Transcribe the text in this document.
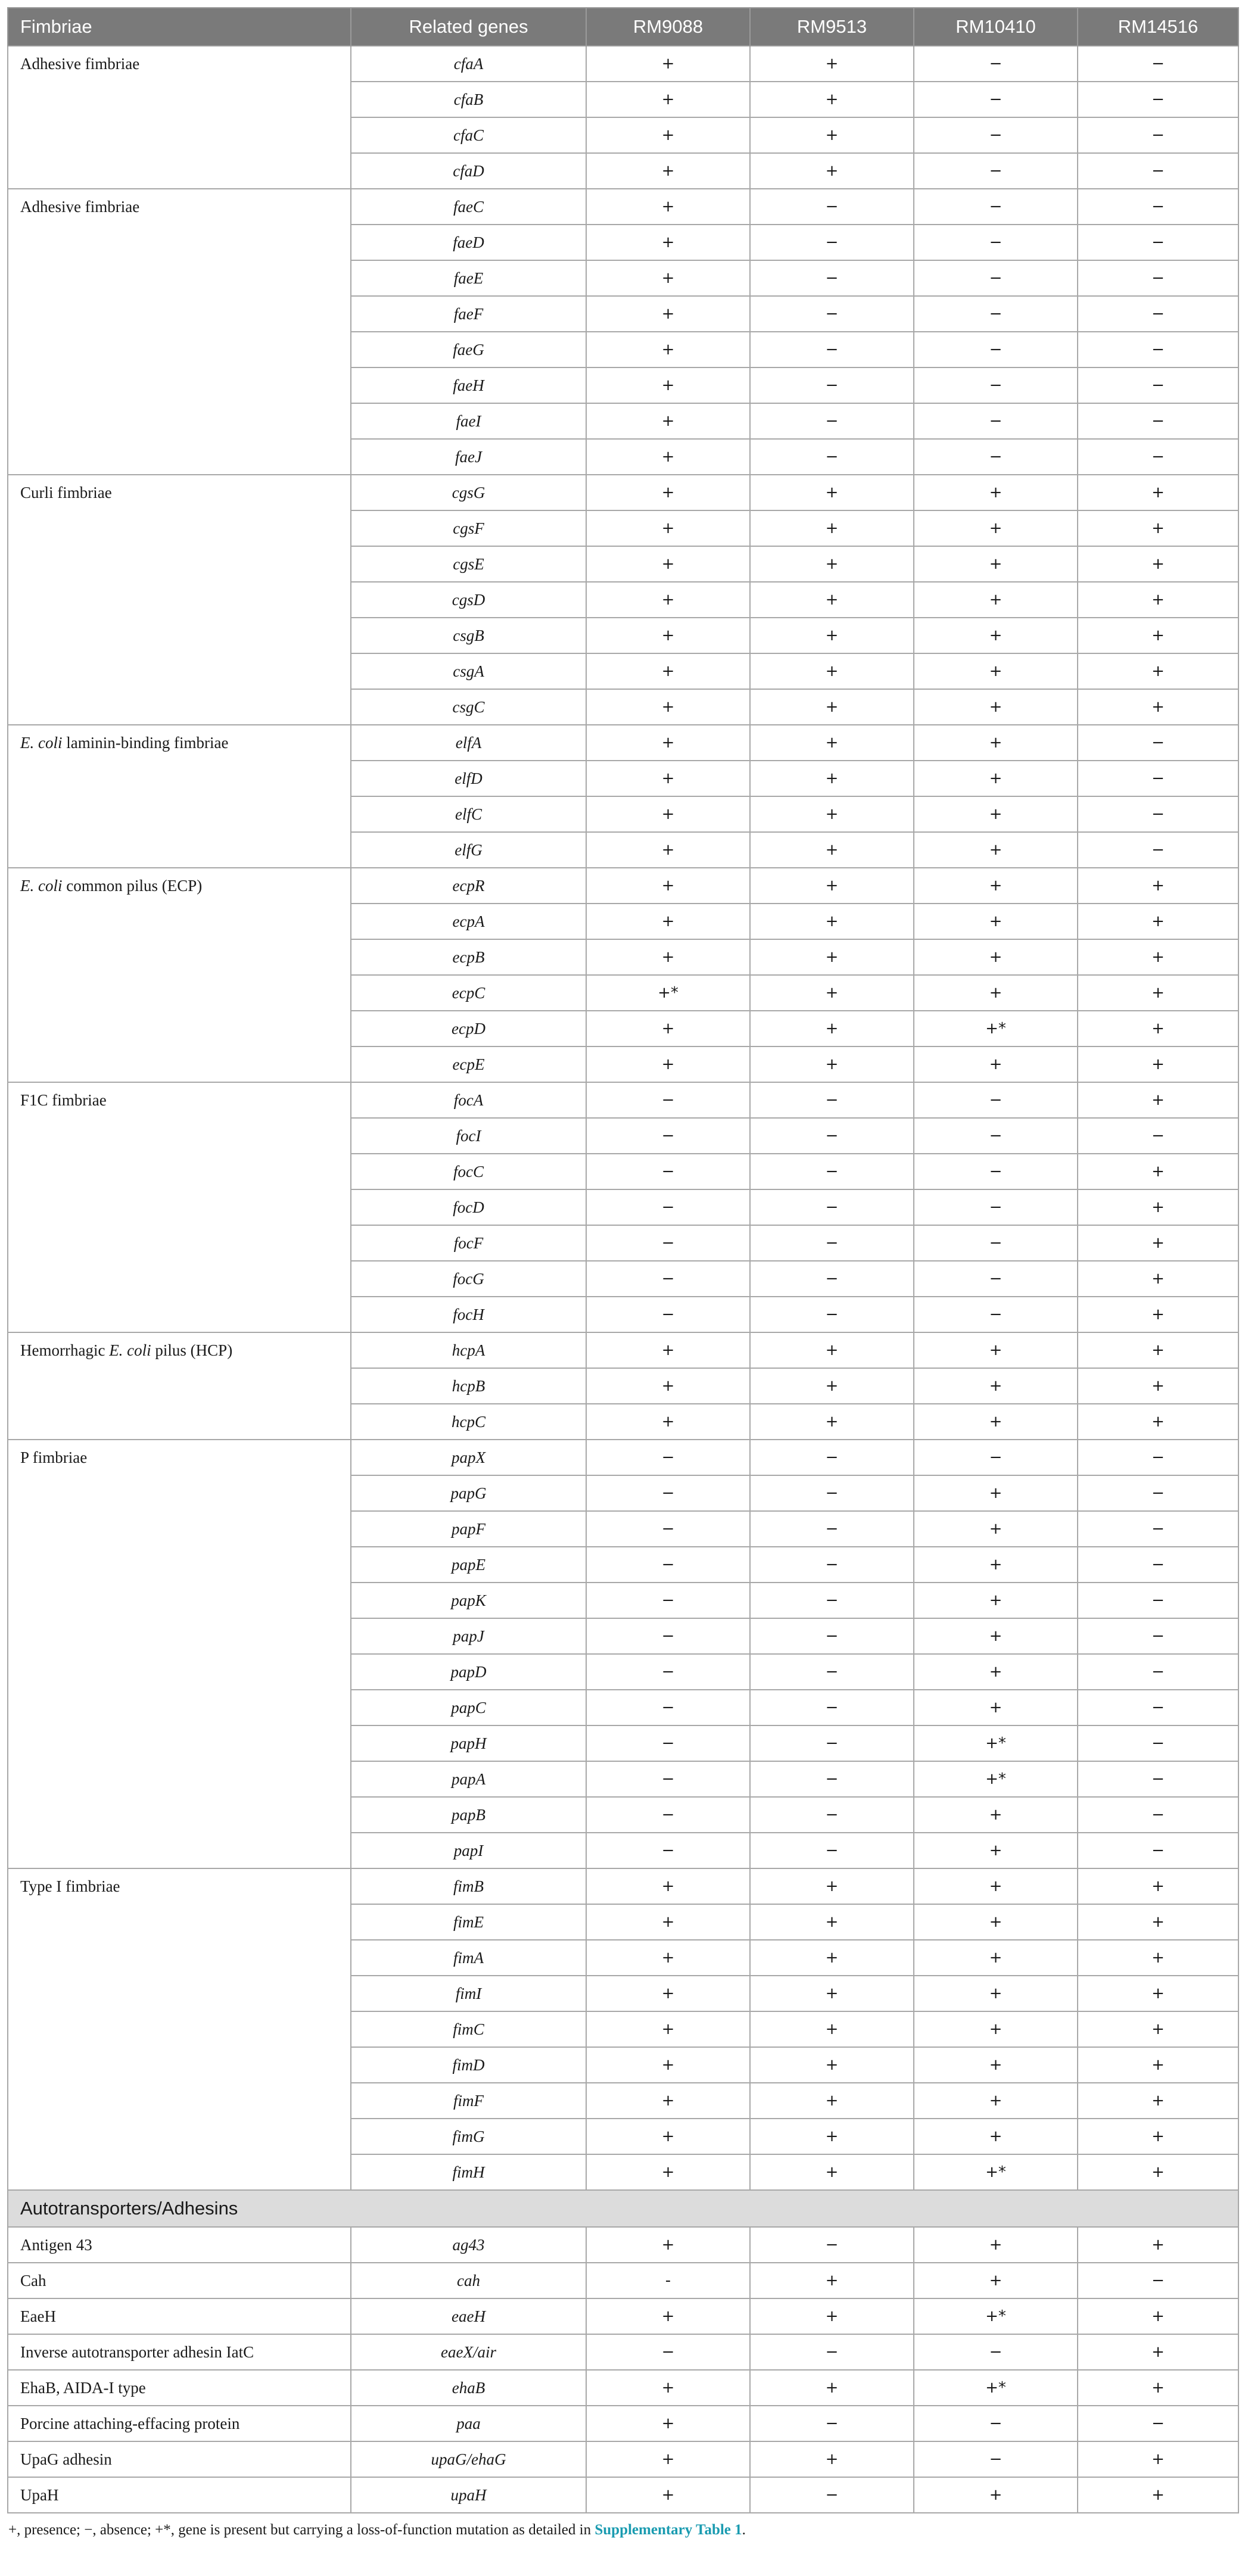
Fimbriae	Related genes	RM9088	RM9513	RM10410	RM14516
Adhesive fimbriae	cfaA	+	+	−	−
	cfaB	+	+	−	−
	cfaC	+	+	−	−
	cfaD	+	+	−	−
Adhesive fimbriae	faeC	+	−	−	−
	faeD	+	−	−	−
	faeE	+	−	−	−
	faeF	+	−	−	−
	faeG	+	−	−	−
	faeH	+	−	−	−
	faeI	+	−	−	−
	faeJ	+	−	−	−
Curli fimbriae	cgsG	+	+	+	+
	cgsF	+	+	+	+
	cgsE	+	+	+	+
	cgsD	+	+	+	+
	csgB	+	+	+	+
	csgA	+	+	+	+
	csgC	+	+	+	+
E. coli laminin-binding fimbriae	elfA	+	+	+	−
	elfD	+	+	+	−
	elfC	+	+	+	−
	elfG	+	+	+	−
E. coli common pilus (ECP)	ecpR	+	+	+	+
	ecpA	+	+	+	+
	ecpB	+	+	+	+
	ecpC	+*	+	+	+
	ecpD	+	+	+*	+
	ecpE	+	+	+	+
F1C fimbriae	focA	−	−	−	+
	focI	−	−	−	−
	focC	−	−	−	+
	focD	−	−	−	+
	focF	−	−	−	+
	focG	−	−	−	+
	focH	−	−	−	+
Hemorrhagic E. coli pilus (HCP)	hcpA	+	+	+	+
	hcpB	+	+	+	+
	hcpC	+	+	+	+
P fimbriae	papX	−	−	−	−
	papG	−	−	+	−
	papF	−	−	+	−
	papE	−	−	+	−
	papK	−	−	+	−
	papJ	−	−	+	−
	papD	−	−	+	−
	papC	−	−	+	−
	papH	−	−	+*	−
	papA	−	−	+*	−
	papB	−	−	+	−
	papI	−	−	+	−
Type I fimbriae	fimB	+	+	+	+
	fimE	+	+	+	+
	fimA	+	+	+	+
	fimI	+	+	+	+
	fimC	+	+	+	+
	fimD	+	+	+	+
	fimF	+	+	+	+
	fimG	+	+	+	+
	fimH	+	+	+*	+
Autotransporters/Adhesins					
Antigen 43	ag43	+	−	+	+
Cah	cah	-	+	+	−
EaeH	eaeH	+	+	+*	+
Inverse autotransporter adhesin IatC	eaeX/air	−	−	−	+
EhaB, AIDA-I type	ehaB	+	+	+*	+
Porcine attaching-effacing protein	paa	+	−	−	−
UpaG adhesin	upaG/ehaG	+	+	−	+
UpaH	upaH	+	−	+	+
+, presence; −, absence; +*, gene is present but carrying a loss-of-function mutation as detailed in Supplementary Table 1.
